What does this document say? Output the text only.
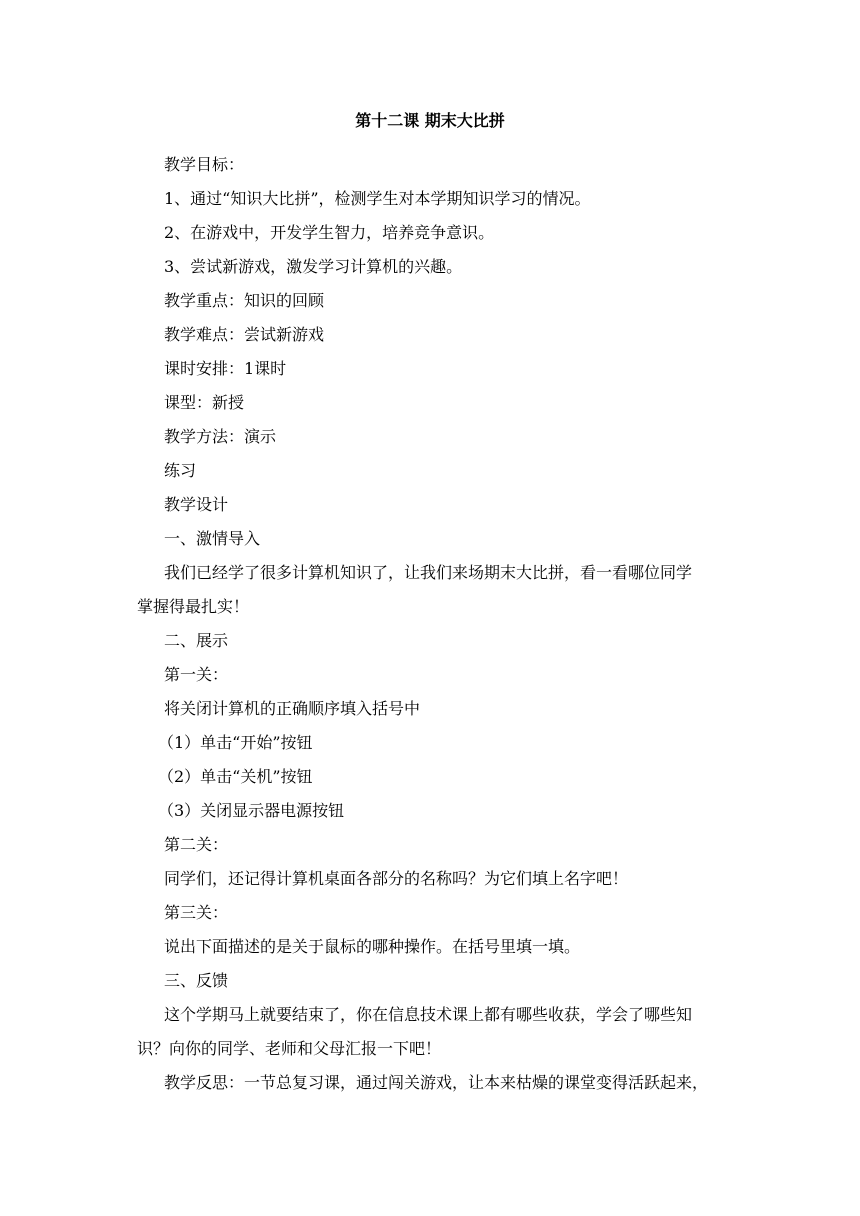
第十二课 期末大比拼
教学目标：
1、通过“知识大比拼”，检测学生对本学期知识学习的情况。
2、在游戏中，开发学生智力，培养竞争意识。
3、尝试新游戏，激发学习计算机的兴趣。
教学重点：知识的回顾
教学难点：尝试新游戏
课时安排：1课时
课型：新授
教学方法：演示
练习
教学设计
一、激情导入
我们已经学了很多计算机知识了，让我们来场期末大比拼，看一看哪位同学
掌握得最扎实！
二、展示
第一关：
将关闭计算机的正确顺序填入括号中
（1）单击“开始”按钮
（2）单击“关机”按钮
（3）关闭显示器电源按钮
第二关：
同学们，还记得计算机桌面各部分的名称吗？为它们填上名字吧！
第三关：
说出下面描述的是关于鼠标的哪种操作。在括号里填一填。
三、反馈
这个学期马上就要结束了，你在信息技术课上都有哪些收获，学会了哪些知
识？向你的同学、老师和父母汇报一下吧！
教学反思：一节总复习课，通过闯关游戏，让本来枯燥的课堂变得活跃起来，
